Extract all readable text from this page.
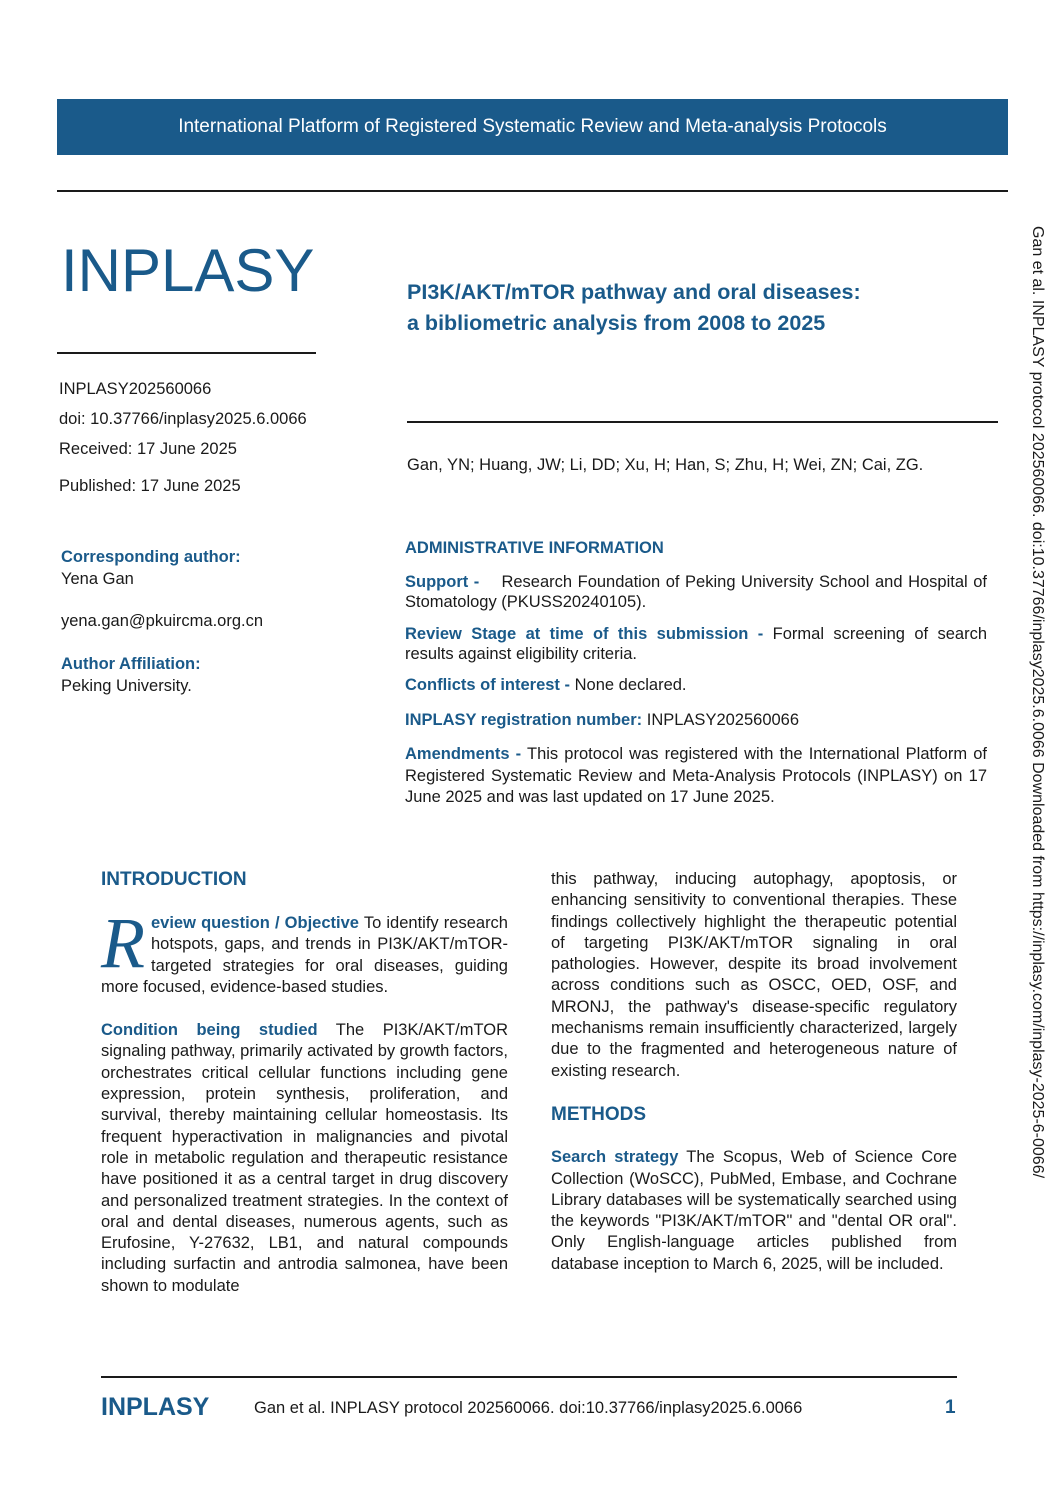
International Platform of Registered Systematic Review and Meta-analysis Protocols
INPLASY	PI3K/AKT/mTOR pathway and oral diseases:
a bibliometric analysis from 2008 to 2025
INPLASY202560066
doi: 10.37766/inplasy2025.6.0066
Received: 17 June 2025
Published: 17 June 2025
Gan, YN; Huang, JW; Li, DD; Xu, H; Han, S; Zhu, H; Wei, ZN; Cai, ZG.
Corresponding author:
Yena Gan
yena.gan@pkuircma.org.cn
Author Affiliation:
Peking University.
ADMINISTRATIVE INFORMATION
Support - Research Foundation of Peking University School and Hospital of Stomatology (PKUSS20240105).
Review Stage at time of this submission - Formal screening of search results against eligibility criteria.
Conflicts of interest - None declared.
INPLASY registration number: INPLASY202560066
Amendments - This protocol was registered with the International Platform of Registered Systematic Review and Meta-Analysis Protocols (INPLASY) on 17 June 2025 and was last updated on 17 June 2025.
INTRODUCTION

Review question / Objective To identify research hotspots, gaps, and trends in PI3K/AKT/mTOR-targeted strategies for oral diseases, guiding more focused, evidence-based studies.

Condition being studied The PI3K/AKT/mTOR signaling pathway, primarily activated by growth factors, orchestrates critical cellular functions including gene expression, protein synthesis, proliferation, and survival, thereby maintaining cellular homeostasis. Its frequent hyperactivation in malignancies and pivotal role in metabolic regulation and therapeutic resistance have positioned it as a central target in drug discovery and personalized treatment strategies. In the context of oral and dental diseases, numerous agents, such as Erufosine, Y-27632, LB1, and natural compounds including surfactin and antrodia salmonea, have been shown to modulate

this pathway, inducing autophagy, apoptosis, or enhancing sensitivity to conventional therapies. These findings collectively highlight the therapeutic potential of targeting PI3K/AKT/mTOR signaling in oral pathologies. However, despite its broad involvement across conditions such as OSCC, OED, OSF, and MRONJ, the pathway's disease-specific regulatory mechanisms remain insufficiently characterized, largely due to the fragmented and heterogeneous nature of existing research.

METHODS

Search strategy The Scopus, Web of Science Core Collection (WoSCC), PubMed, Embase, and Cochrane Library databases will be systematically searched using the keywords "PI3K/AKT/mTOR" and "dental OR oral". Only English-language articles published from database inception to March 6, 2025, will be included.

Gan et al. INPLASY protocol 202560066. doi:10.37766/inplasy2025.6.0066 Downloaded from https://inplasy.com/inplasy-2025-6-0066/
INPLASY	Gan et al. INPLASY protocol 202560066. doi:10.37766/inplasy2025.6.0066	1
